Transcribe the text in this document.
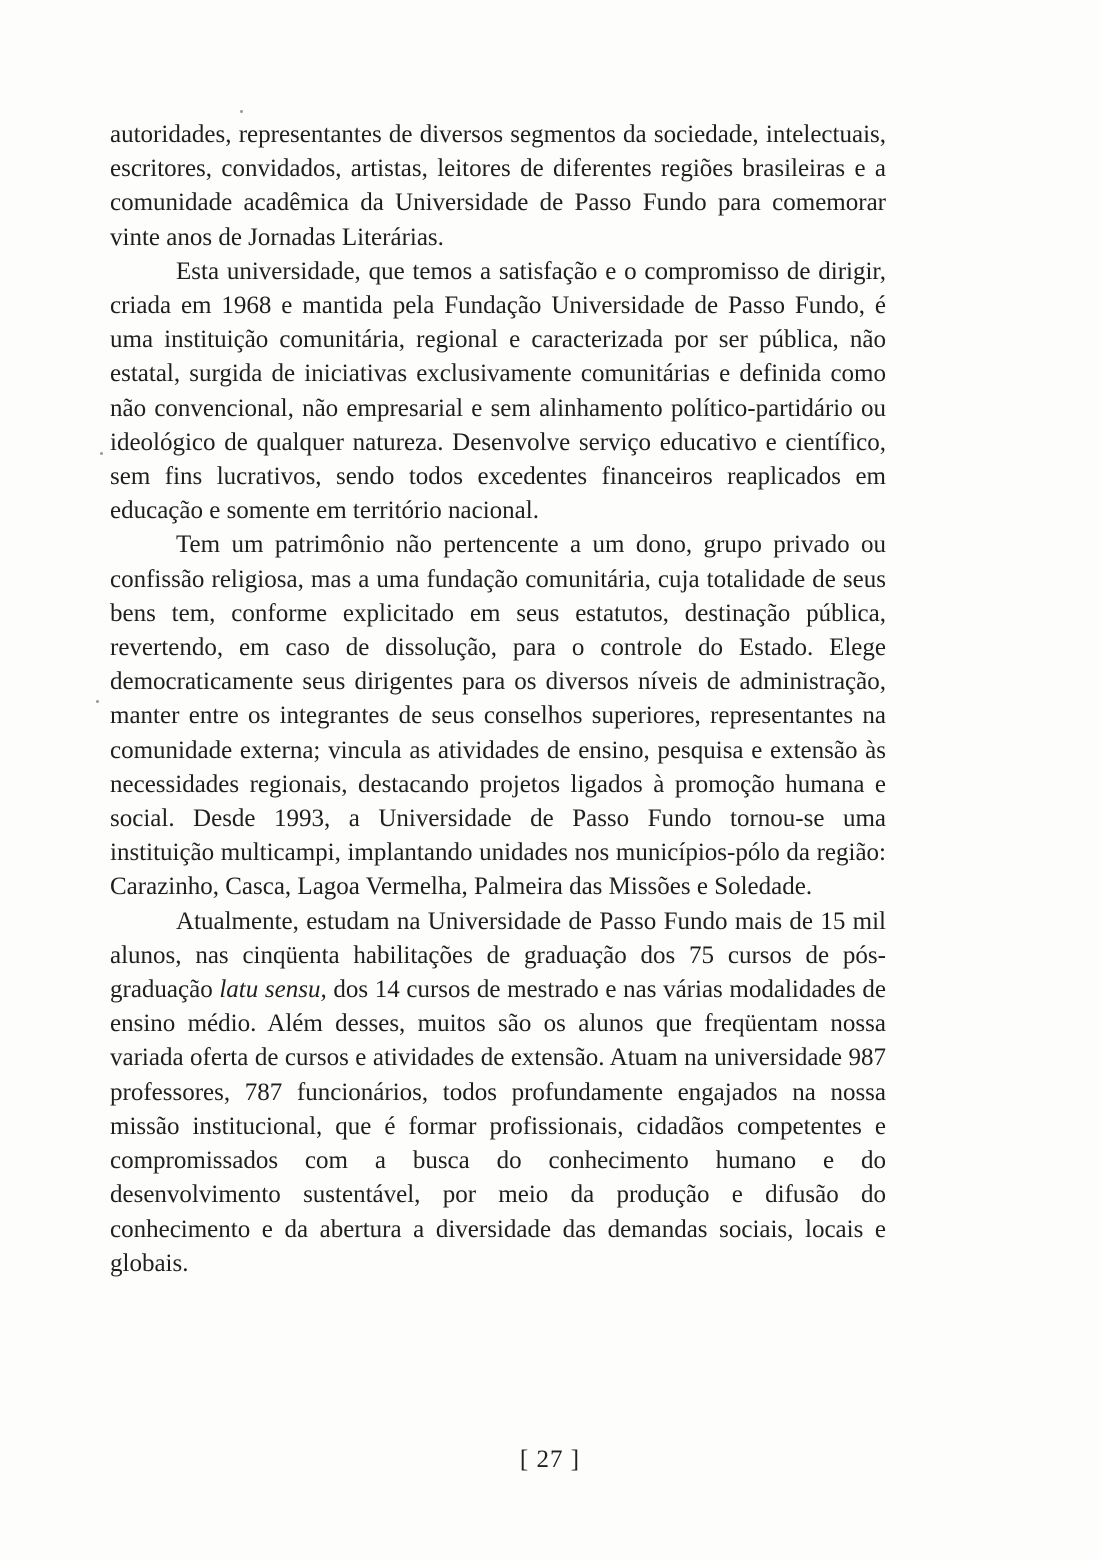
autoridades, representantes de diversos segmentos da sociedade, intelectuais, escritores, convidados, artistas, leitores de diferentes regiões brasileiras e a comunidade acadêmica da Universidade de Passo Fundo para comemorar vinte anos de Jornadas Literárias.

Esta universidade, que temos a satisfação e o compromisso de dirigir, criada em 1968 e mantida pela Fundação Universidade de Passo Fundo, é uma instituição comunitária, regional e caracterizada por ser pública, não estatal, surgida de iniciativas exclusivamente comunitárias e definida como não convencional, não empresarial e sem alinhamento político-partidário ou ideológico de qualquer natureza. Desenvolve serviço educativo e científico, sem fins lucrativos, sendo todos excedentes financeiros reaplicados em educação e somente em território nacional.

Tem um patrimônio não pertencente a um dono, grupo privado ou confissão religiosa, mas a uma fundação comunitária, cuja totalidade de seus bens tem, conforme explicitado em seus estatutos, destinação pública, revertendo, em caso de dissolução, para o controle do Estado. Elege democraticamente seus dirigentes para os diversos níveis de administração, manter entre os integrantes de seus conselhos superiores, representantes na comunidade externa; vincula as atividades de ensino, pesquisa e extensão às necessidades regionais, destacando projetos ligados à promoção humana e social. Desde 1993, a Universidade de Passo Fundo tornou-se uma instituição multicampi, implantando unidades nos municípios-pólo da região: Carazinho, Casca, Lagoa Vermelha, Palmeira das Missões e Soledade.

Atualmente, estudam na Universidade de Passo Fundo mais de 15 mil alunos, nas cinqüenta habilitações de graduação dos 75 cursos de pós-graduação latu sensu, dos 14 cursos de mestrado e nas várias modalidades de ensino médio. Além desses, muitos são os alunos que freqüentam nossa variada oferta de cursos e atividades de extensão. Atuam na universidade 987 professores, 787 funcionários, todos profundamente engajados na nossa missão institucional, que é formar profissionais, cidadãos competentes e compromissados com a busca do conhecimento humano e do desenvolvimento sustentável, por meio da produção e difusão do conhecimento e da abertura a diversidade das demandas sociais, locais e globais.

[ 27 ]
